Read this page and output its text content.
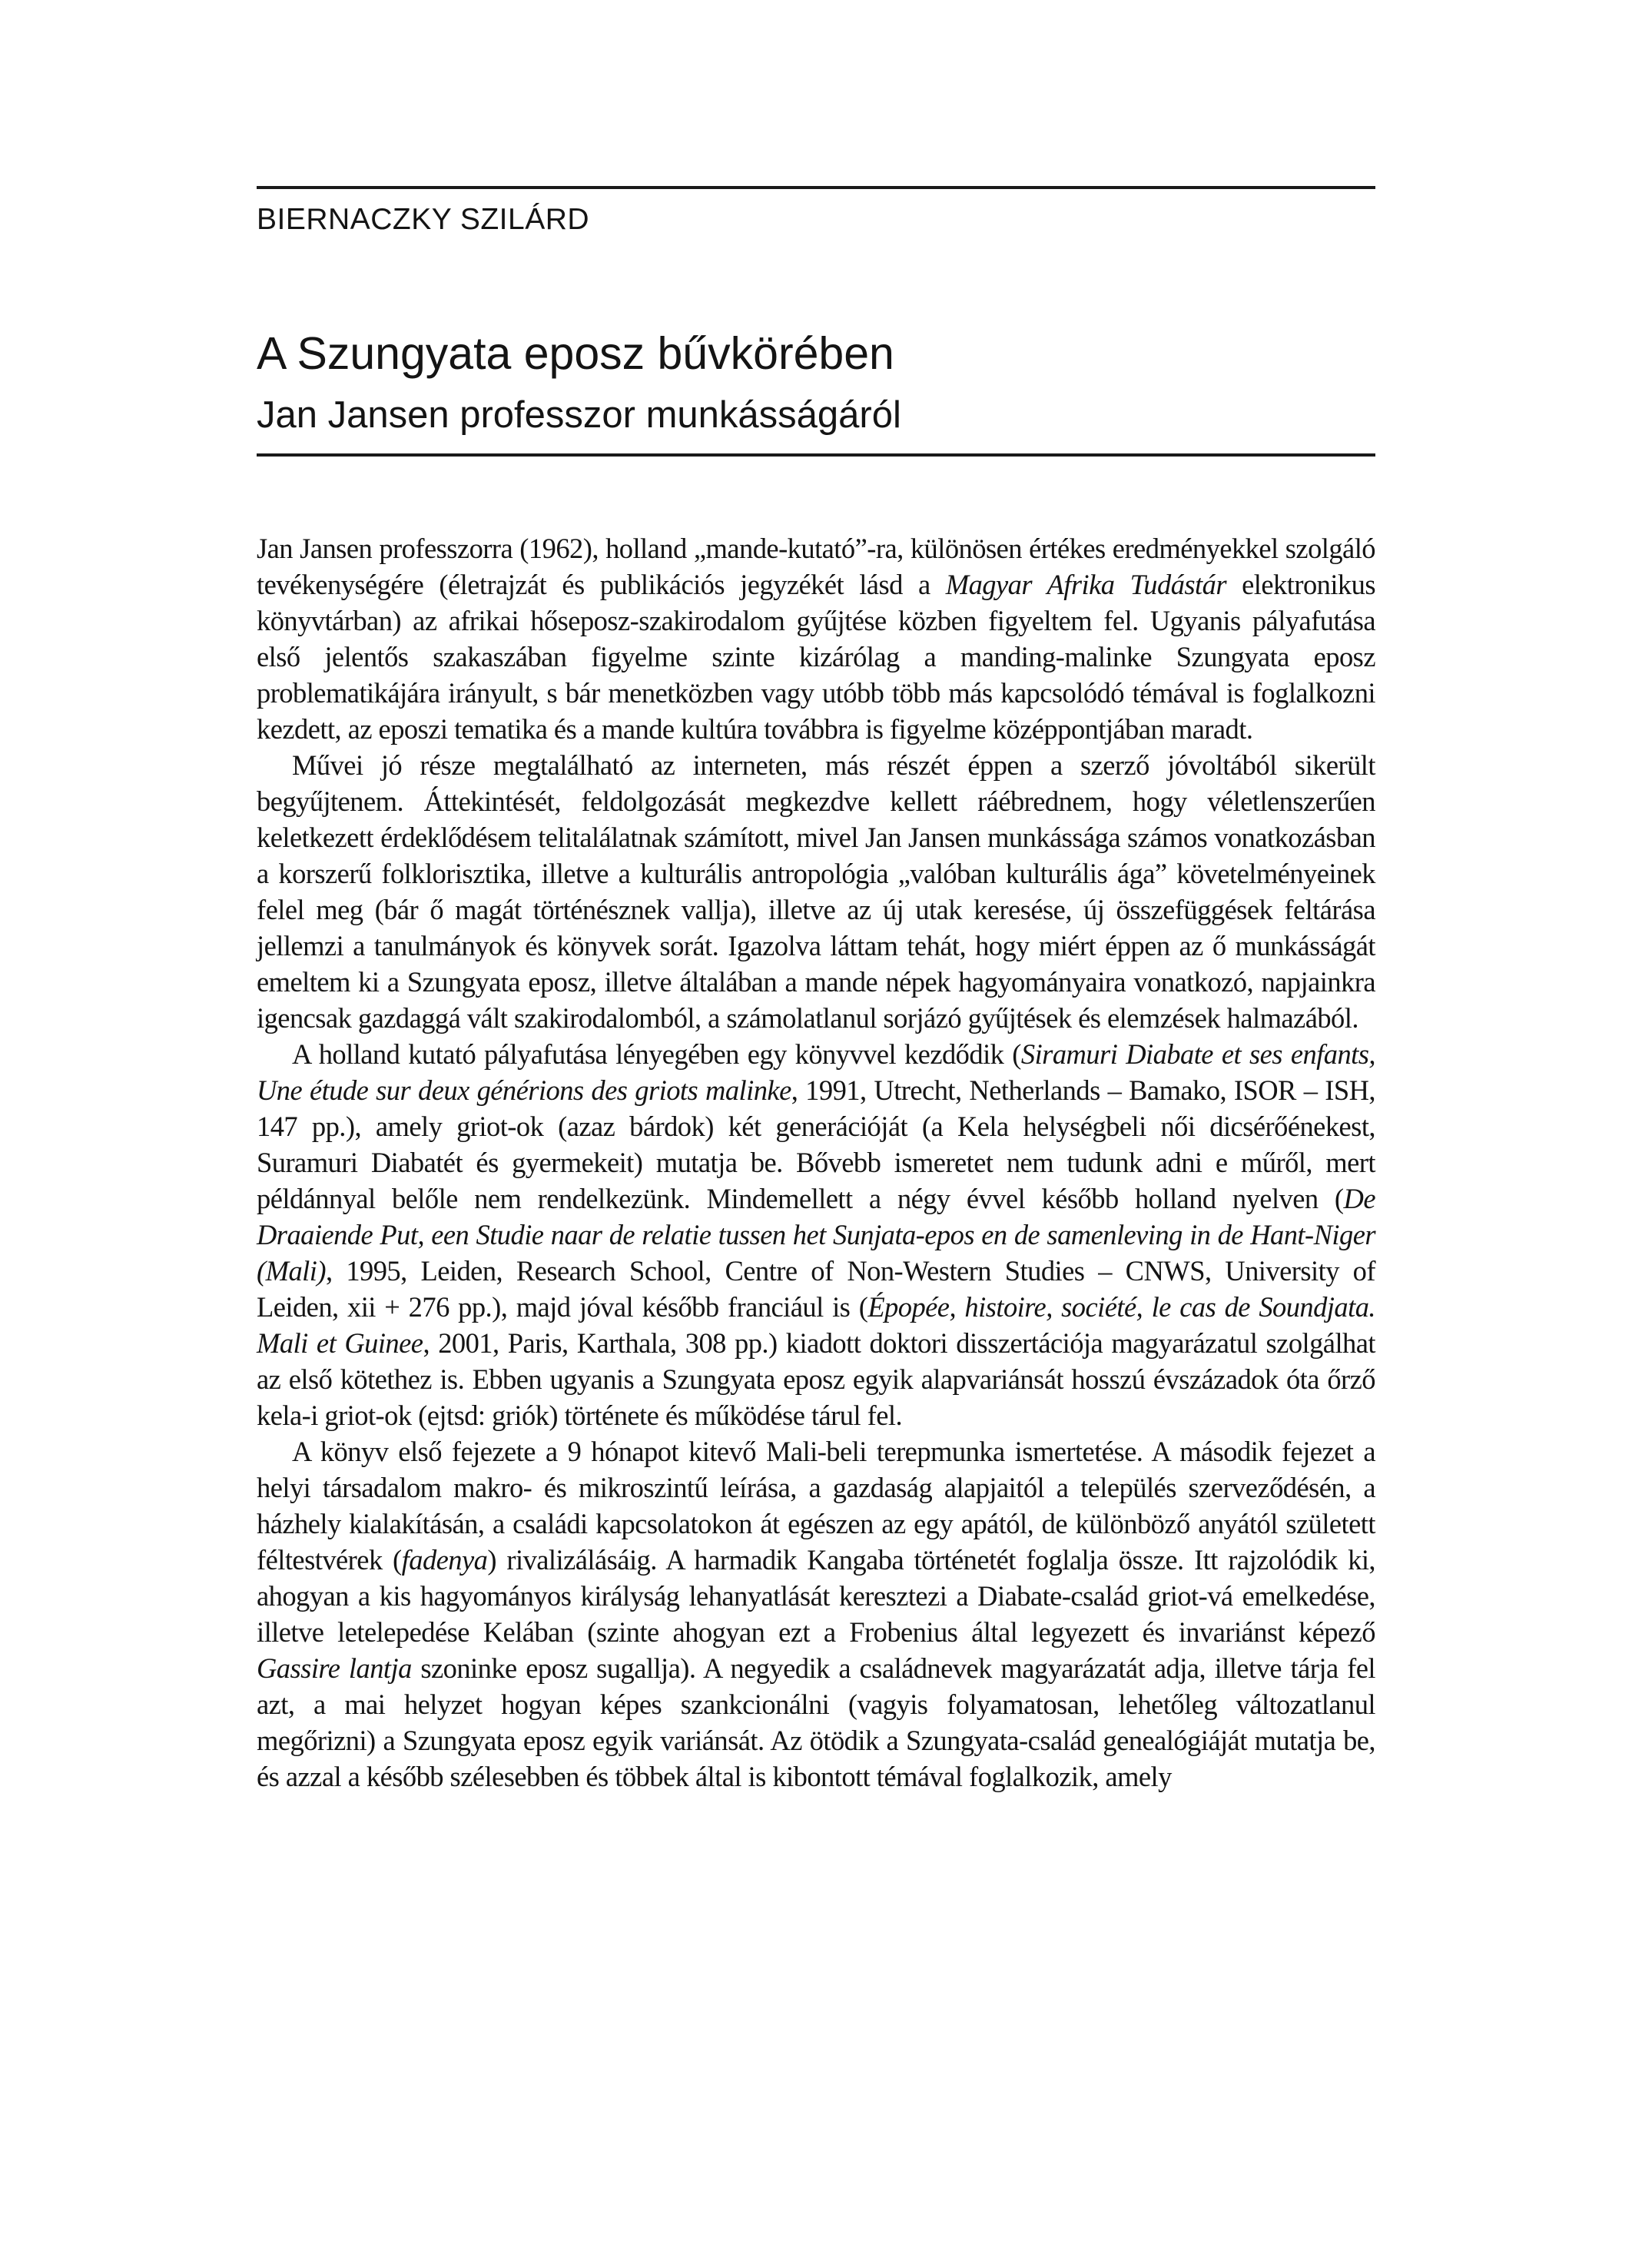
BIERNACZKY SZILÁRD
A Szungyata eposz bűvkörében
Jan Jansen professzor munkásságáról

Jan Jansen professzorra (1962), holland „mande-kutató”-ra, különösen értékes eredményekkel szolgáló tevékenységére (életrajzát és publikációs jegyzékét lásd a Magyar Afrika Tudástár elektronikus könyvtárban) az afrikai hőseposz-szakirodalom gyűjtése közben figyeltem fel. Ugyanis pályafutása első jelentős szakaszában figyelme szinte kizárólag a manding-malinke Szungyata eposz problematikájára irányult, s bár menetközben vagy utóbb több más kapcsolódó témával is foglalkozni kezdett, az eposzi tematika és a mande kultúra továbbra is figyelme középpontjában maradt.

Művei jó része megtalálható az interneten, más részét éppen a szerző jóvoltából sikerült begyűjtenem. Áttekintését, feldolgozását megkezdve kellett ráébrednem, hogy véletlenszerűen keletkezett érdeklődésem telitalálatnak számított, mivel Jan Jansen munkássága számos vonatkozásban a korszerű folklorisztika, illetve a kulturális antropológia „valóban kulturális ága” követelményeinek felel meg (bár ő magát történésznek vallja), illetve az új utak keresése, új összefüggések feltárása jellemzi a tanulmányok és könyvek sorát. Igazolva láttam tehát, hogy miért éppen az ő munkásságát emeltem ki a Szungyata eposz, illetve általában a mande népek hagyományaira vonatkozó, napjainkra igencsak gazdaggá vált szakirodalomból, a számolatlanul sorjázó gyűjtések és elemzések halmazából.

A holland kutató pályafutása lényegében egy könyvvel kezdődik (Siramuri Diabate et ses enfants, Une étude sur deux générions des griots malinke, 1991, Utrecht, Netherlands – Bamako, ISOR – ISH, 147 pp.), amely griot-ok (azaz bárdok) két generációját (a Kela helységbeli női dicsérőénekest, Suramuri Diabatét és gyermekeit) mutatja be. Bővebb ismeretet nem tudunk adni e műről, mert példánnyal belőle nem rendelkezünk. Mindemellett a négy évvel később holland nyelven (De Draaiende Put, een Studie naar de relatie tussen het Sunjata-epos en de samenleving in de Hant-Niger (Mali), 1995, Leiden, Research School, Centre of Non-Western Studies – CNWS, University of Leiden, xii + 276 pp.), majd jóval később franciául is (Épopée, histoire, société, le cas de Soundjata. Mali et Guinee, 2001, Paris, Karthala, 308 pp.) kiadott doktori disszertációja magyarázatul szolgálhat az első kötethez is. Ebben ugyanis a Szungyata eposz egyik alapvariánsát hosszú évszázadok óta őrző kela-i griot-ok (ejtsd: griók) története és működése tárul fel.

A könyv első fejezete a 9 hónapot kitevő Mali-beli terepmunka ismertetése. A második fejezet a helyi társadalom makro- és mikroszintű leírása, a gazdaság alapjaitól a település szerveződésén, a házhely kialakításán, a családi kapcsolatokon át egészen az egy apától, de különböző anyától született féltestvérek (fadenya) rivalizálásáig. A harmadik Kangaba történetét foglalja össze. Itt rajzolódik ki, ahogyan a kis hagyományos királyság lehanyatlását keresztezi a Diabate-család griot-vá emelkedése, illetve letelepedése Kelában (szinte ahogyan ezt a Frobenius által legyezett és invariánst képező Gassire lantja szoninke eposz sugallja). A negyedik a családnevek magyarázatát adja, illetve tárja fel azt, a mai helyzet hogyan képes szankcionálni (vagyis folyamatosan, lehetőleg változatlanul megőrizni) a Szungyata eposz egyik variánsát. Az ötödik a Szungyata-család genealógiáját mutatja be, és azzal a később szélesebben és többek által is kibontott témával foglalkozik, amely
